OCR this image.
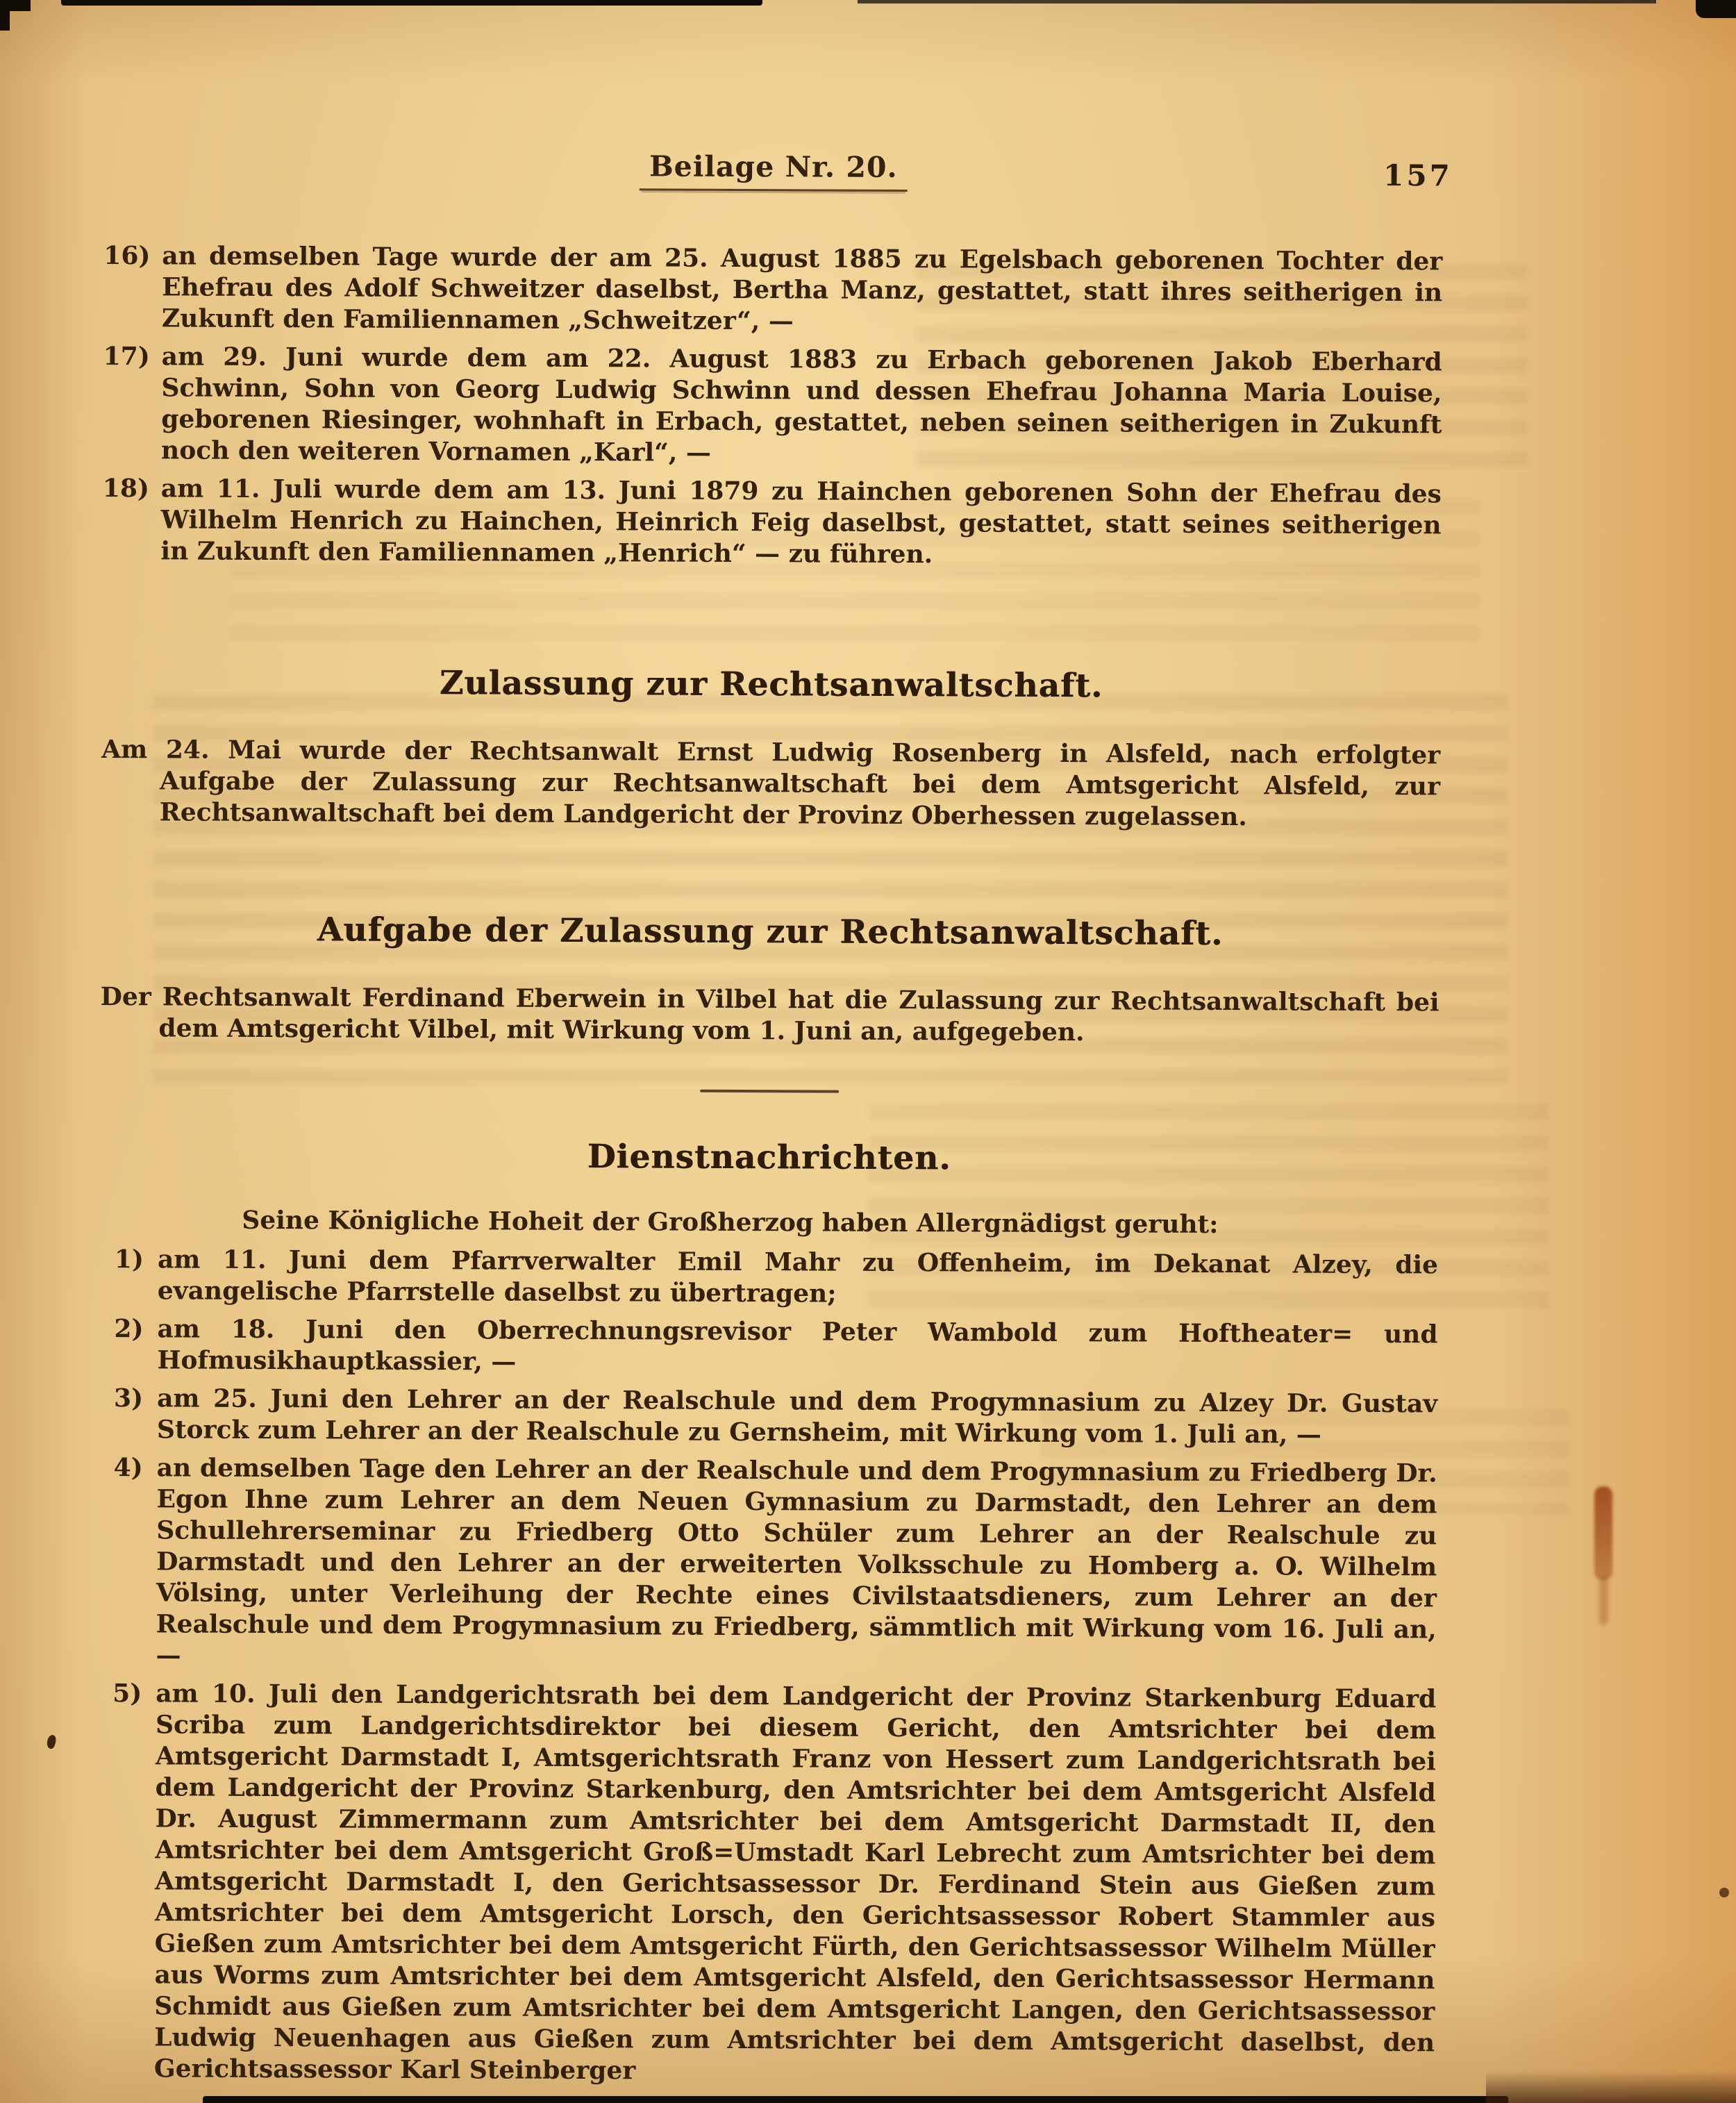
Beilage Nr. 20.	157
16) an demselben Tage wurde der am 25. August 1885 zu Egelsbach geborenen Tochter der Ehefrau des Adolf Schweitzer daselbst, Bertha Manz, gestattet, statt ihres seitherigen in Zukunft den Familiennamen „Schweitzer“, —
17) am 29. Juni wurde dem am 22. August 1883 zu Erbach geborenen Jakob Eberhard Schwinn, Sohn von Georg Ludwig Schwinn und dessen Ehefrau Johanna Maria Louise, geborenen Riesinger, wohnhaft in Erbach, gestattet, neben seinen seitherigen in Zukunft noch den weiteren Vornamen „Karl“, —
18) am 11. Juli wurde dem am 13. Juni 1879 zu Hainchen geborenen Sohn der Ehefrau des Wilhelm Henrich zu Hainchen, Heinrich Feig daselbst, gestattet, statt seines seitherigen in Zukunft den Familiennamen „Henrich“ — zu führen.
Zulassung zur Rechtsanwaltschaft.

Am 24. Mai wurde der Rechtsanwalt Ernst Ludwig Rosenberg in Alsfeld, nach erfolgter Aufgabe der Zulassung zur Rechtsanwaltschaft bei dem Amtsgericht Alsfeld, zur Rechtsanwaltschaft bei dem Landgericht der Provinz Oberhessen zugelassen.

Aufgabe der Zulassung zur Rechtsanwaltschaft.

Der Rechtsanwalt Ferdinand Eberwein in Vilbel hat die Zulassung zur Rechtsanwaltschaft bei dem Amtsgericht Vilbel, mit Wirkung vom 1. Juni an, aufgegeben.

Dienstnachrichten.
Seine Königliche Hoheit der Großherzog haben Allergnädigst geruht:
1) am 11. Juni dem Pfarrverwalter Emil Mahr zu Offenheim, im Dekanat Alzey, die evangelische Pfarrstelle daselbst zu übertragen;
2) am 18. Juni den Oberrechnungsrevisor Peter Wambold zum Hoftheater= und Hofmusikhauptkassier, —
3) am 25. Juni den Lehrer an der Realschule und dem Progymnasium zu Alzey Dr. Gustav Storck zum Lehrer an der Realschule zu Gernsheim, mit Wirkung vom 1. Juli an, —
4) an demselben Tage den Lehrer an der Realschule und dem Progymnasium zu Friedberg Dr. Egon Ihne zum Lehrer an dem Neuen Gymnasium zu Darmstadt, den Lehrer an dem Schullehrerseminar zu Friedberg Otto Schüler zum Lehrer an der Realschule zu Darmstadt und den Lehrer an der erweiterten Volksschule zu Homberg a. O. Wilhelm Völsing, unter Verleihung der Rechte eines Civilstaatsdieners, zum Lehrer an der Realschule und dem Progymnasium zu Friedberg, sämmtlich mit Wirkung vom 16. Juli an, —
5) am 10. Juli den Landgerichtsrath bei dem Landgericht der Provinz Starkenburg Eduard Scriba zum Landgerichtsdirektor bei diesem Gericht, den Amtsrichter bei dem Amtsgericht Darmstadt I, Amtsgerichtsrath Franz von Hessert zum Landgerichtsrath bei dem Landgericht der Provinz Starkenburg, den Amtsrichter bei dem Amtsgericht Alsfeld Dr. August Zimmermann zum Amtsrichter bei dem Amtsgericht Darmstadt II, den Amtsrichter bei dem Amtsgericht Groß=Umstadt Karl Lebrecht zum Amtsrichter bei dem Amtsgericht Darmstadt I, den Gerichtsassessor Dr. Ferdinand Stein aus Gießen zum Amtsrichter bei dem Amtsgericht Lorsch, den Gerichtsassessor Robert Stammler aus Gießen zum Amtsrichter bei dem Amtsgericht Fürth, den Gerichtsassessor Wilhelm Müller aus Worms zum Amtsrichter bei dem Amtsgericht Alsfeld, den Gerichtsassessor Hermann Schmidt aus Gießen zum Amtsrichter bei dem Amtsgericht Langen, den Gerichtsassessor Ludwig Neuenhagen aus Gießen zum Amtsrichter bei dem Amtsgericht daselbst, den Gerichtsassessor Karl Steinberger
